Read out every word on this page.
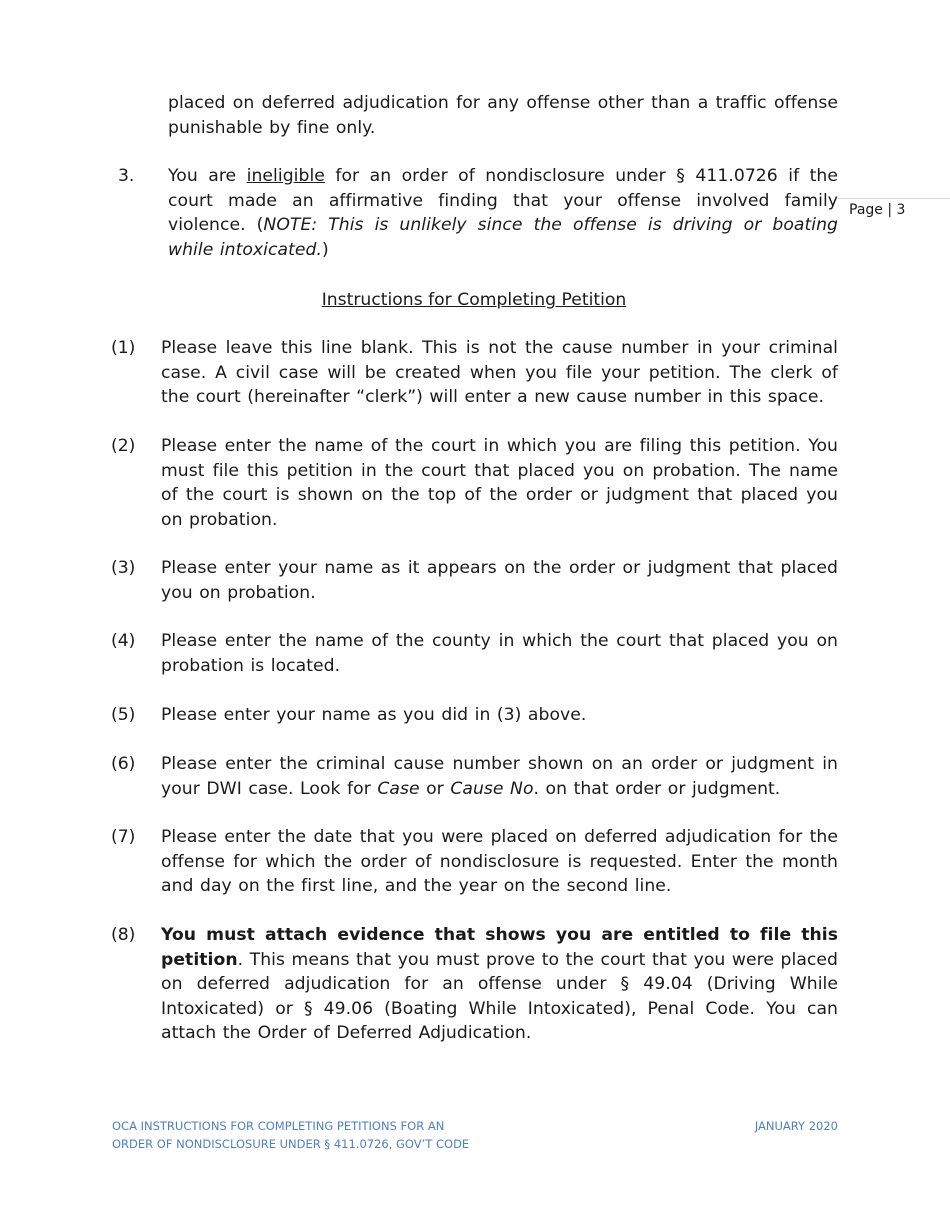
placed on deferred adjudication for any offense other than a traffic offense punishable by fine only.
3. You are ineligible for an order of nondisclosure under § 411.0726 if the court made an affirmative finding that your offense involved family violence. (NOTE: This is unlikely since the offense is driving or boating while intoxicated.)
Page | 3
Instructions for Completing Petition
(1) Please leave this line blank. This is not the cause number in your criminal case. A civil case will be created when you file your petition. The clerk of the court (hereinafter “clerk”) will enter a new cause number in this space.
(2) Please enter the name of the court in which you are filing this petition. You must file this petition in the court that placed you on probation. The name of the court is shown on the top of the order or judgment that placed you on probation.
(3) Please enter your name as it appears on the order or judgment that placed you on probation.
(4) Please enter the name of the county in which the court that placed you on probation is located.
(5) Please enter your name as you did in (3) above.
(6) Please enter the criminal cause number shown on an order or judgment in your DWI case. Look for Case or Cause No. on that order or judgment.
(7) Please enter the date that you were placed on deferred adjudication for the offense for which the order of nondisclosure is requested. Enter the month and day on the first line, and the year on the second line.
(8) You must attach evidence that shows you are entitled to file this petition. This means that you must prove to the court that you were placed on deferred adjudication for an offense under § 49.04 (Driving While Intoxicated) or § 49.06 (Boating While Intoxicated), Penal Code. You can attach the Order of Deferred Adjudication.
OCA INSTRUCTIONS FOR COMPLETING PETITIONS FOR AN
ORDER OF NONDISCLOSURE UNDER § 411.0726, GOV’T CODE
JANUARY 2020
